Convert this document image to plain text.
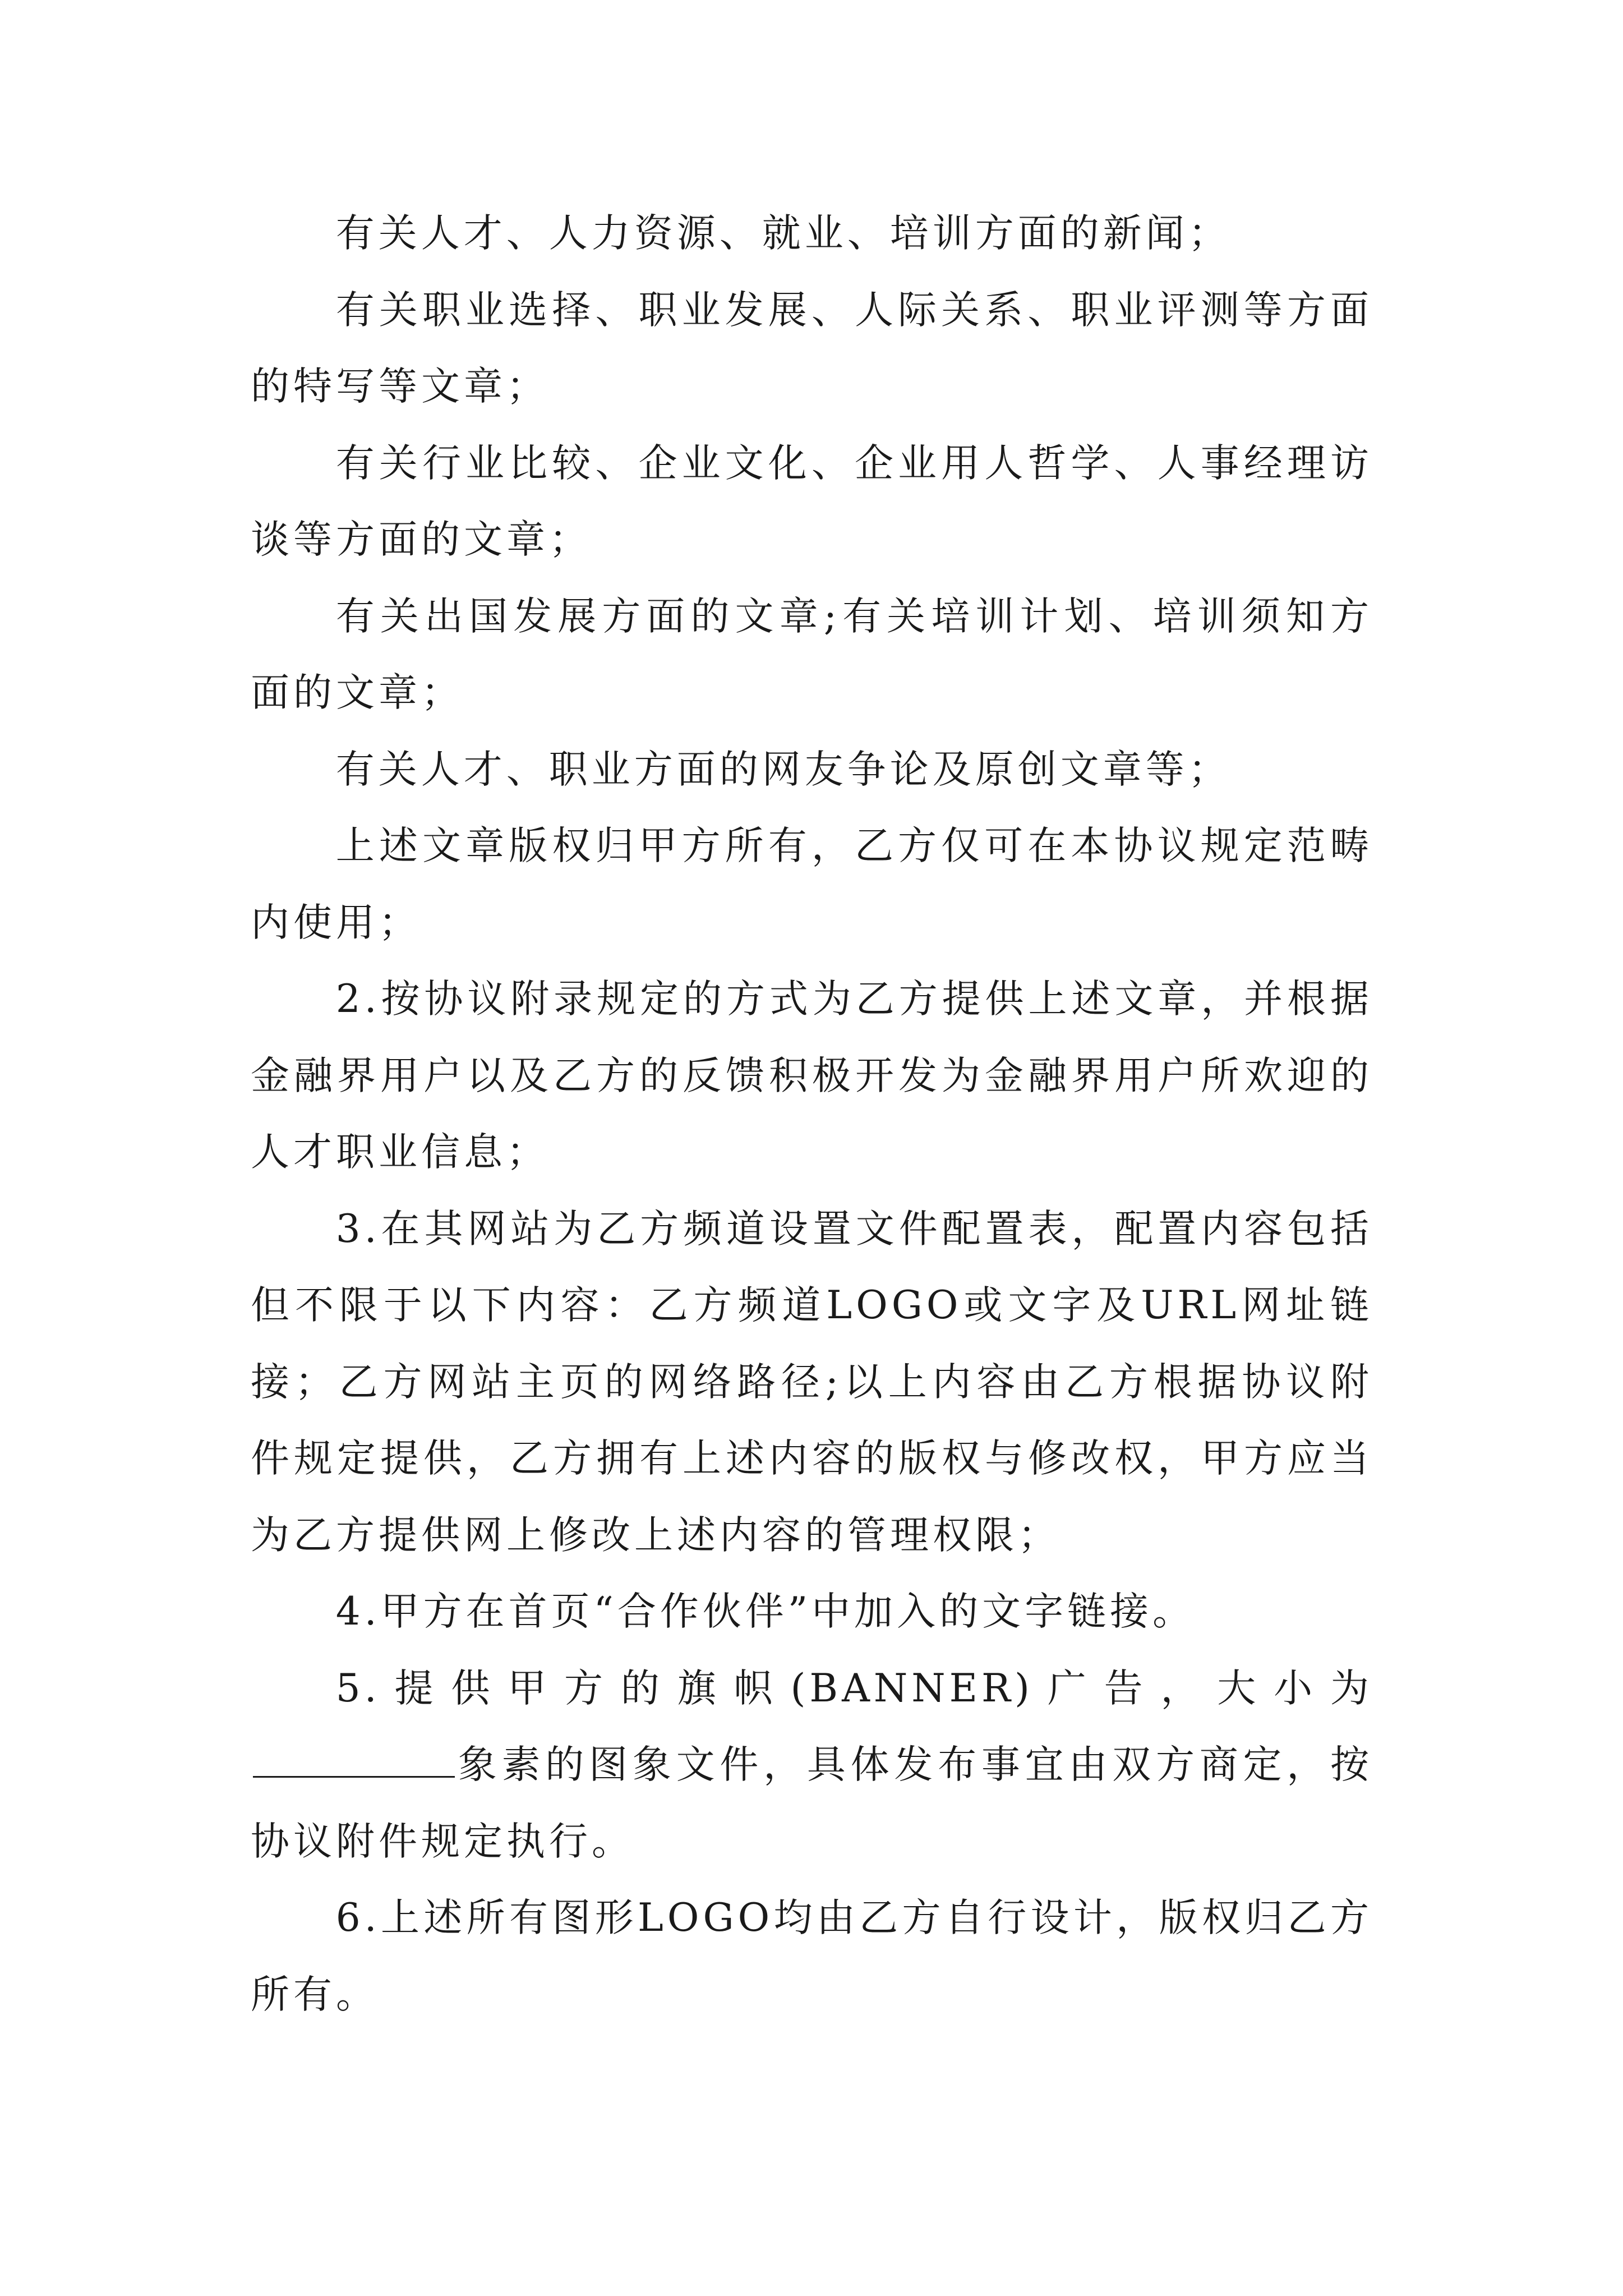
有关人才、人力资源、就业、培训方面的新闻；

有关职业选择、职业发展、人际关系、职业评测等方面的特写等文章；

有关行业比较、企业文化、企业用人哲学、人事经理访谈等方面的文章；

有关出国发展方面的文章;有关培训计划、培训须知方面的文章；

有关人才、职业方面的网友争论及原创文章等；

上述文章版权归甲方所有，乙方仅可在本协议规定范畴内使用；

2.按协议附录规定的方式为乙方提供上述文章，并根据金融界用户以及乙方的反馈积极开发为金融界用户所欢迎的人才职业信息；

3.在其网站为乙方频道设置文件配置表，配置内容包括但不限于以下内容：乙方频道LOGO或文字及URL网址链接；乙方网站主页的网络路径;以上内容由乙方根据协议附件规定提供，乙方拥有上述内容的版权与修改权，甲方应当为乙方提供网上修改上述内容的管理权限；

4.甲方在首页“合作伙伴”中加入的文字链接。

5.提供甲方的旗帜(BANNER)广告，大小为象素的图象文件，具体发布事宜由双方商定，按协议附件规定执行。

6.上述所有图形LOGO均由乙方自行设计，版权归乙方所有。
